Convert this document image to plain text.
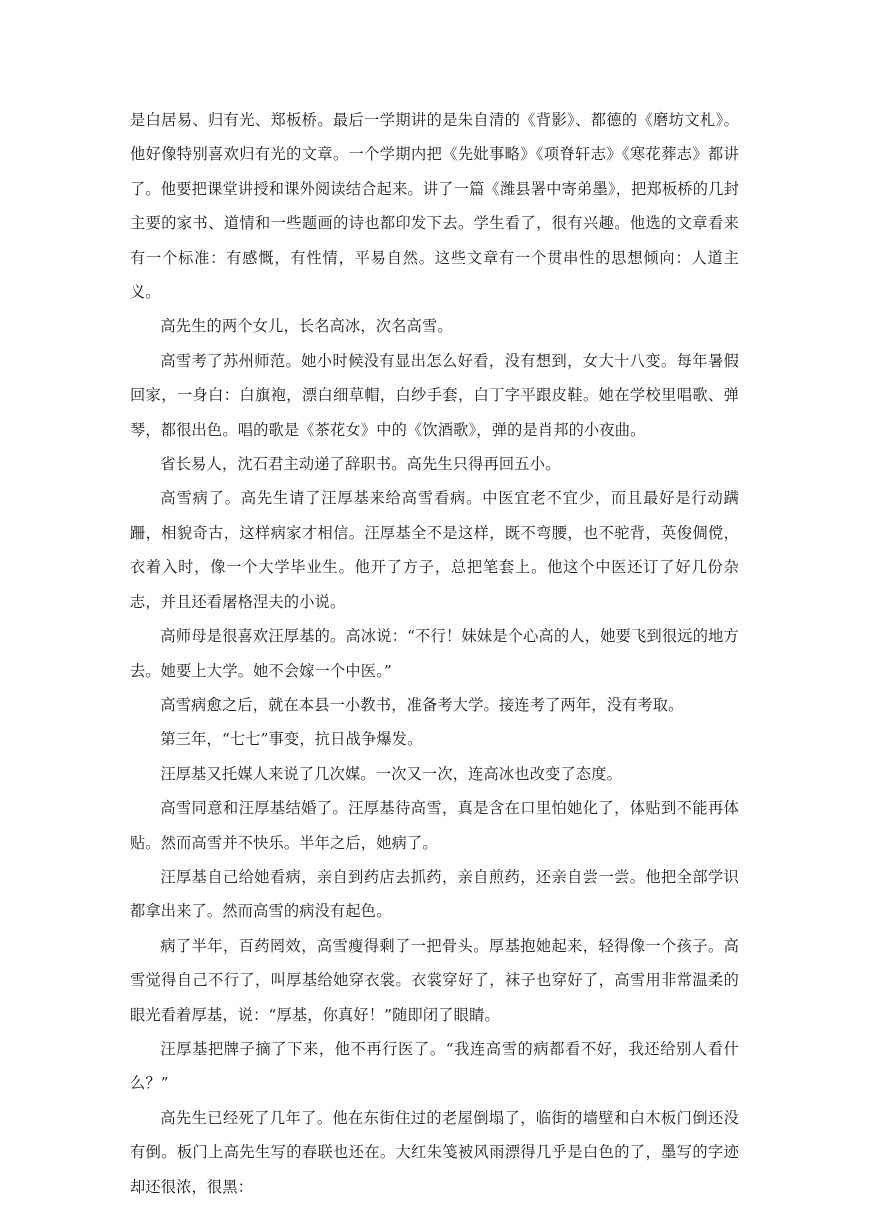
是白居易、归有光、郑板桥。最后一学期讲的是朱自清的《背影》、都德的《磨坊文札》。他好像特别喜欢归有光的文章。一个学期内把《先妣事略》《项脊轩志》《寒花葬志》都讲了。他要把课堂讲授和课外阅读结合起来。讲了一篇《潍县署中寄弟墨》，把郑板桥的几封主要的家书、道情和一些题画的诗也都印发下去。学生看了，很有兴趣。他选的文章看来有一个标准：有感慨，有性情，平易自然。这些文章有一个贯串性的思想倾向：人道主义。

高先生的两个女儿，长名高冰，次名高雪。

高雪考了苏州师范。她小时候没有显出怎么好看，没有想到，女大十八变。每年暑假回家，一身白：白旗袍，漂白细草帽，白纱手套，白丁字平跟皮鞋。她在学校里唱歌、弹琴，都很出色。唱的歌是《茶花女》中的《饮酒歌》，弹的是肖邦的小夜曲。

省长易人，沈石君主动递了辞职书。高先生只得再回五小。

高雪病了。高先生请了汪厚基来给高雪看病。中医宜老不宜少，而且最好是行动蹒跚，相貌奇古，这样病家才相信。汪厚基全不是这样，既不弯腰，也不驼背，英俊倜傥，衣着入时，像一个大学毕业生。他开了方子，总把笔套上。他这个中医还订了好几份杂志，并且还看屠格涅夫的小说。

高师母是很喜欢汪厚基的。高冰说：“不行！妹妹是个心高的人，她要飞到很远的地方去。她要上大学。她不会嫁一个中医。”

高雪病愈之后，就在本县一小教书，准备考大学。接连考了两年，没有考取。

第三年，“七七”事变，抗日战争爆发。

汪厚基又托媒人来说了几次媒。一次又一次，连高冰也改变了态度。

高雪同意和汪厚基结婚了。汪厚基待高雪，真是含在口里怕她化了，体贴到不能再体贴。然而高雪并不快乐。半年之后，她病了。

汪厚基自己给她看病，亲自到药店去抓药，亲自煎药，还亲自尝一尝。他把全部学识都拿出来了。然而高雪的病没有起色。

病了半年，百药罔效，高雪瘦得剩了一把骨头。厚基抱她起来，轻得像一个孩子。高雪觉得自己不行了，叫厚基给她穿衣裳。衣裳穿好了，袜子也穿好了，高雪用非常温柔的眼光看着厚基，说：“厚基，你真好！”随即闭了眼睛。

汪厚基把牌子摘了下来，他不再行医了。“我连高雪的病都看不好，我还给别人看什么？”

高先生已经死了几年了。他在东街住过的老屋倒塌了，临街的墙壁和白木板门倒还没有倒。板门上高先生写的春联也还在。大红朱笺被风雨漂得几乎是白色的了，墨写的字迹却还很浓，很黑：
